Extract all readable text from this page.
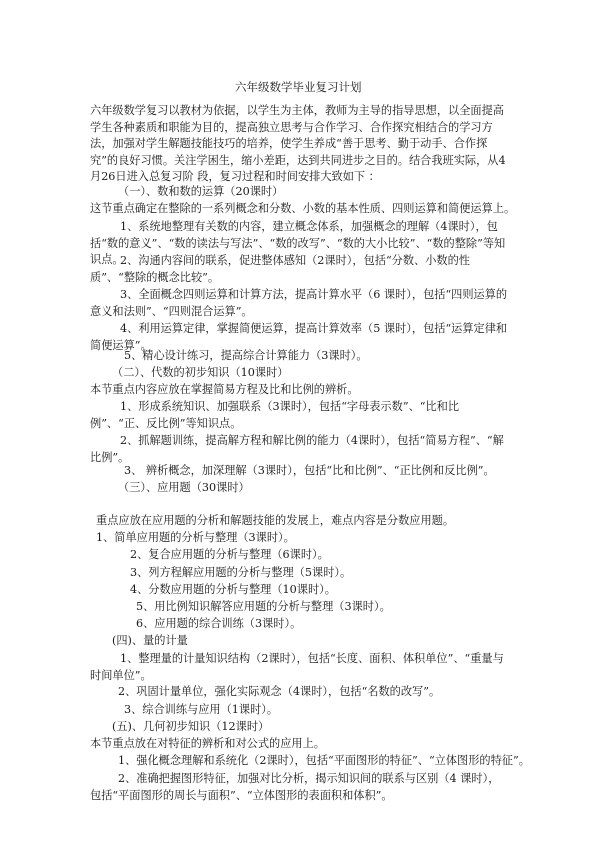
六年级数学毕业复习计划
六年级数学复习以教材为依据，以学生为主体，教师为主导的指导思想，以全面提高学生各种素质和职能为目的，提高独立思考与合作学习、合作探究相结合的学习方法，加强对学生解题技能技巧的培养，使学生养成“善于思考、勤于动手、合作探究”的良好习惯。关注学困生，缩小差距，达到共同进步之目的。结合我班实际，从4月26日进入总复习阶 段，复习过程和时间安排大致如下 ：
（一）、数和数的运算（20课时）
这节重点确定在整除的一系列概念和分数、小数的基本性质、四则运算和简便运算上。
1、系统地整理有关数的内容，建立概念体系，加强概念的理解（4课时），包括“数的意义”、“数的读法与写法”、“数的改写”、“数的大小比较”、“数的整除”等知识点。
2、沟通内容间的联系，促进整体感知（2课时），包括“分数、小数的性质”、“整除的概念比较”。
3、全面概念四则运算和计算方法，提高计算水平（6 课时），包括“四则运算的意义和法则”、“四则混合运算”。
4、利用运算定律，掌握简便运算，提高计算效率（5 课时），包括“运算定律和简便运算”。
5、精心设计练习，提高综合计算能力（3课时）。
（二）、代数的初步知识（10课时）
本节重点内容应放在掌握简易方程及比和比例的辨析。
1、形成系统知识、加强联系（3课时），包括“字母表示数”、“比和比例”、“正、反比例”等知识点。
2、抓解题训练，提高解方程和解比例的能力（4课时），包括“简易方程”、“解比例”。
3、 辨析概念，加深理解（3课时），包括“比和比例”、“正比例和反比例”。
（三）、应用题（30课时）
重点应放在应用题的分析和解题技能的发展上，难点内容是分数应用题。
1、简单应用题的分析与整理（3课时）。
2、复合应用题的分析与整理（6课时）。
3、列方程解应用题的分析与整理（5课时）。
4、分数应用题的分析与整理（10课时）。
5、用比例知识解答应用题的分析与整理（3课时）。
6、应用题的综合训练（3课时）。
(四)、量的计量
1、整理量的计量知识结构（2课时），包括“长度、面积、体积单位”、“重量与时间单位”。
2、巩固计量单位，强化实际观念（4课时），包括“名数的改写”。
3、综合训练与应用（1课时）。
(五)、几何初步知识（12课时）
本节重点放在对特征的辨析和对公式的应用上。
1、强化概念理解和系统化（2课时），包括“平面图形的特征”、“立体图形的特征”。
2、准确把握图形特征，加强对比分析，揭示知识间的联系与区别（4 课时），包括“平面图形的周长与面积”、“立体图形的表面积和体积”。
